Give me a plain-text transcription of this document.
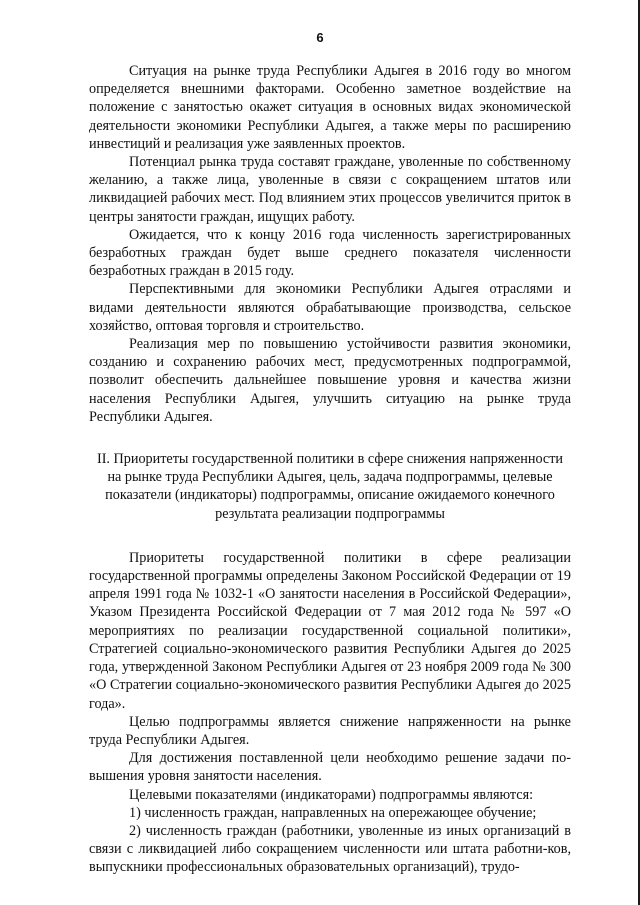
6

Ситуация на рынке труда Республики Адыгея в 2016 году во многом определяется внешними факторами. Особенно заметное воздействие на положение с занятостью окажет ситуация в основных видах экономической деятельности экономики Республики Адыгея, а также меры по расширению инвестиций и реализация уже заявленных проектов.

Потенциал рынка труда составят граждане, уволенные по собственному желанию, а также лица, уволенные в связи с сокращением штатов или ликвидацией рабочих мест. Под влиянием этих процессов увеличится приток в центры занятости граждан, ищущих работу.

Ожидается, что к концу 2016 года численность зарегистрированных безработных граждан будет выше среднего показателя численности безработных граждан в 2015 году.

Перспективными для экономики Республики Адыгея отраслями и видами деятельности являются обрабатывающие производства, сельское хозяйство, оптовая торговля и строительство.

Реализация мер по повышению устойчивости развития экономики, созданию и сохранению рабочих мест, предусмотренных подпрограммой, позволит обеспечить дальнейшее повышение уровня и качества жизни населения Республики Адыгея, улучшить ситуацию на рынке труда Республики Адыгея.

II. Приоритеты государственной политики в сфере снижения напряженности на рынке труда Республики Адыгея, цель, задача подпрограммы, целевые показатели (индикаторы) подпрограммы, описание ожидаемого конечного результата реализации подпрограммы

Приоритеты государственной политики в сфере реализации государственной программы определены Законом Российской Федерации от 19 апреля 1991 года № 1032-1 «О занятости населения в Российской Федерации», Указом Президента Российской Федерации от 7 мая 2012 года № 597 «О мероприятиях по реализации государственной социальной политики», Стратегией социально-экономического развития Республики Адыгея до 2025 года, утвержденной Законом Республики Адыгея от 23 ноября 2009 года № 300 «О Стратегии социально-экономического развития Республики Адыгея до 2025 года».

Целью подпрограммы является снижение напряженности на рынке труда Республики Адыгея.

Для достижения поставленной цели необходимо решение задачи по-вышения уровня занятости населения.

Целевыми показателями (индикаторами) подпрограммы являются:

1) численность граждан, направленных на опережающее обучение;

2) численность граждан (работники, уволенные из иных организаций в связи с ликвидацией либо сокращением численности или штата работни-ков, выпускники профессиональных образовательных организаций), трудо-
